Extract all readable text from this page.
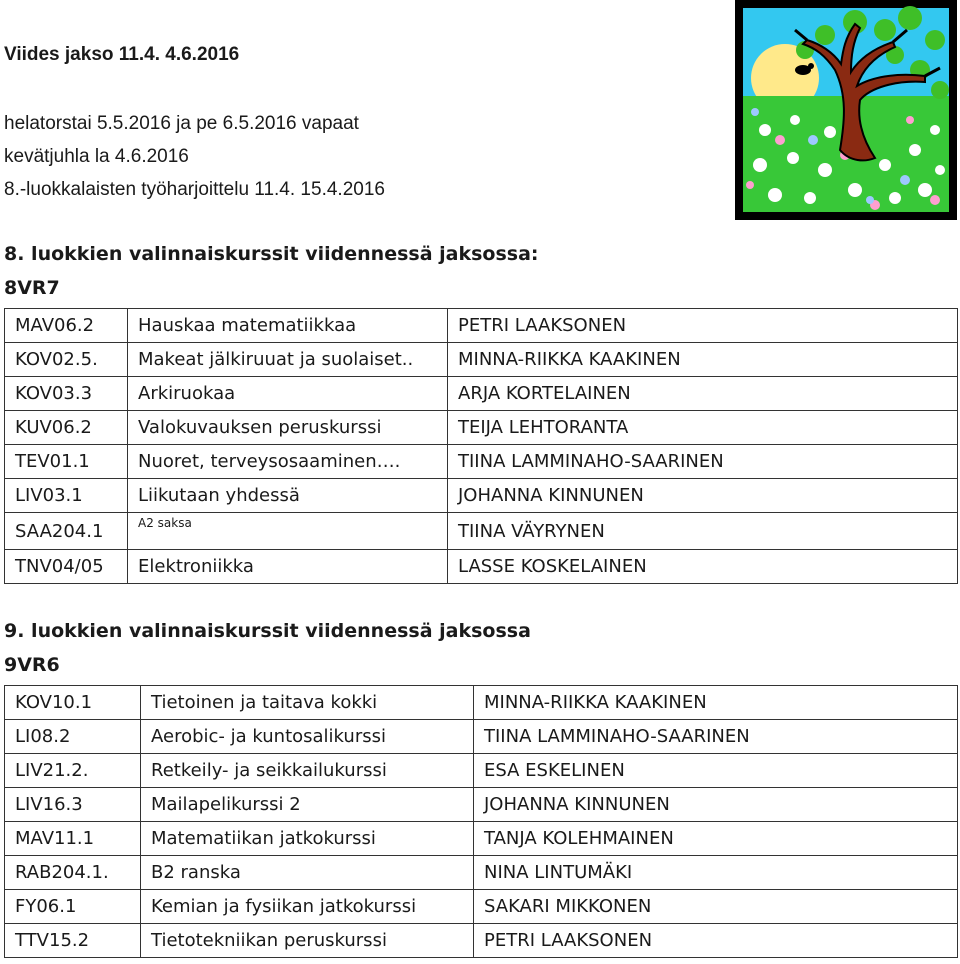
Viides jakso 11.4. 4.6.2016
helatorstai 5.5.2016 ja pe 6.5.2016 vapaat
kevätjuhla la 4.6.2016
8.-luokkalaisten työharjoittelu 11.4. 15.4.2016
8. luokkien valinnaiskurssit viidennessä jaksossa:
8VR7
MAV06.2	Hauskaa matematiikkaa	PETRI LAAKSONEN
KOV02.5.	Makeat jälkiruuat ja suolaiset..	MINNA-RIIKKA KAAKINEN
KOV03.3	Arkiruokaa	ARJA KORTELAINEN
KUV06.2	Valokuvauksen peruskurssi	TEIJA LEHTORANTA
TEV01.1	Nuoret, terveysosaaminen….	TIINA LAMMINAHO-SAARINEN
LIV03.1	Liikutaan yhdessä	JOHANNA KINNUNEN
SAA204.1	A2 saksa	TIINA VÄYRYNEN
TNV04/05	Elektroniikka	LASSE KOSKELAINEN
9. luokkien valinnaiskurssit viidennessä jaksossa
9VR6
KOV10.1	Tietoinen ja taitava kokki	MINNA-RIIKKA KAAKINEN
LI08.2	Aerobic- ja kuntosalikurssi	TIINA LAMMINAHO-SAARINEN
LIV21.2.	Retkeily- ja seikkailukurssi	ESA ESKELINEN
LIV16.3	Mailapelikurssi 2	JOHANNA KINNUNEN
MAV11.1	Matematiikan jatkokurssi	TANJA KOLEHMAINEN
RAB204.1.	B2 ranska	NINA LINTUMÄKI
FY06.1	Kemian ja fysiikan jatkokurssi	SAKARI MIKKONEN
TTV15.2	Tietotekniikan peruskurssi	PETRI LAAKSONEN
